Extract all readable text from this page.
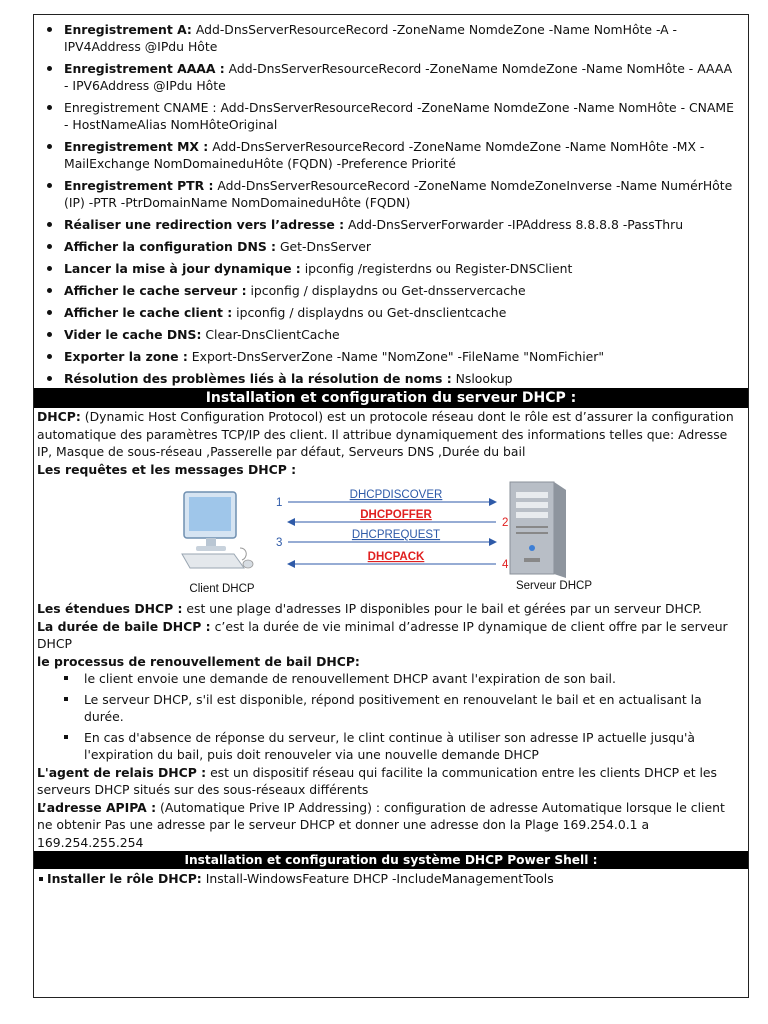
Enregistrement A: Add-DnsServerResourceRecord -ZoneName NomdeZone -Name NomHôte -A - IPV4Address @IPdu Hôte
Enregistrement AAAA : Add-DnsServerResourceRecord -ZoneName NomdeZone -Name NomHôte - AAAA - IPV6Address @IPdu Hôte
Enregistrement CNAME : Add-DnsServerResourceRecord -ZoneName NomdeZone -Name NomHôte - CNAME - HostNameAlias NomHôteOriginal
Enregistrement MX : Add-DnsServerResourceRecord -ZoneName NomdeZone -Name NomHôte -MX - MailExchange NomDomaineduHôte (FQDN) -Preference Priorité
Enregistrement PTR : Add-DnsServerResourceRecord -ZoneName NomdeZoneInverse -Name NumérHôte (IP) -PTR -PtrDomainName NomDomaineduHôte (FQDN)
Réaliser une redirection vers l’adresse : Add-DnsServerForwarder -IPAddress 8.8.8.8 -PassThru
Afficher la configuration DNS : Get-DnsServer
Lancer la mise à jour dynamique : ipconfig /registerdns ou Register-DNSClient
Afficher le cache serveur : ipconfig / displaydns ou Get-dnsservercache
Afficher le cache client : ipconfig / displaydns ou Get-dnsclientcache
Vider le cache DNS: Clear-DnsClientCache
Exporter la zone : Export-DnsServerZone -Name "NomZone" -FileName "NomFichier"
Résolution des problèmes liés à la résolution de noms : Nslookup
Installation et configuration du serveur DHCP :

DHCP: (Dynamic Host Configuration Protocol) est un protocole réseau dont le rôle est d’assurer la configuration automatique des paramètres TCP/IP des client. Il attribue dynamiquement des informations telles que: Adresse IP, Masque de sous-réseau ,Passerelle par défaut, Serveurs DNS ,Durée du bail

Les requêtes et les messages DHCP :

DHCPDISCOVER
1
DHCPOFFER
2
DHCPREQUEST
3
DHCPACK
4
Client DHCP	Serveur DHCP

Les étendues DHCP : est une plage d'adresses IP disponibles pour le bail et gérées par un serveur DHCP.

La durée de baile DHCP : c’est la durée de vie minimal d’adresse IP dynamique de client offre par le serveur DHCP

le processus de renouvellement de bail DHCP:

le client envoie une demande de renouvellement DHCP avant l'expiration de son bail.
Le serveur DHCP, s'il est disponible, répond positivement en renouvelant le bail et en actualisant la durée.
En cas d'absence de réponse du serveur, le clint continue à utiliser son adresse IP actuelle jusqu'à l'expiration du bail, puis doit renouveler via une nouvelle demande DHCP

L'agent de relais DHCP : est un dispositif réseau qui facilite la communication entre les clients DHCP et les serveurs DHCP situés sur des sous-réseaux différents

L’adresse APIPA : (Automatique Prive IP Addressing) : configuration de adresse Automatique lorsque le client ne obtenir Pas une adresse par le serveur DHCP et donner une adresse don la Plage 169.254.0.1 a 169.254.255.254

Installation et configuration du système DHCP Power Shell :
Installer le rôle DHCP: Install-WindowsFeature DHCP -IncludeManagementTools
